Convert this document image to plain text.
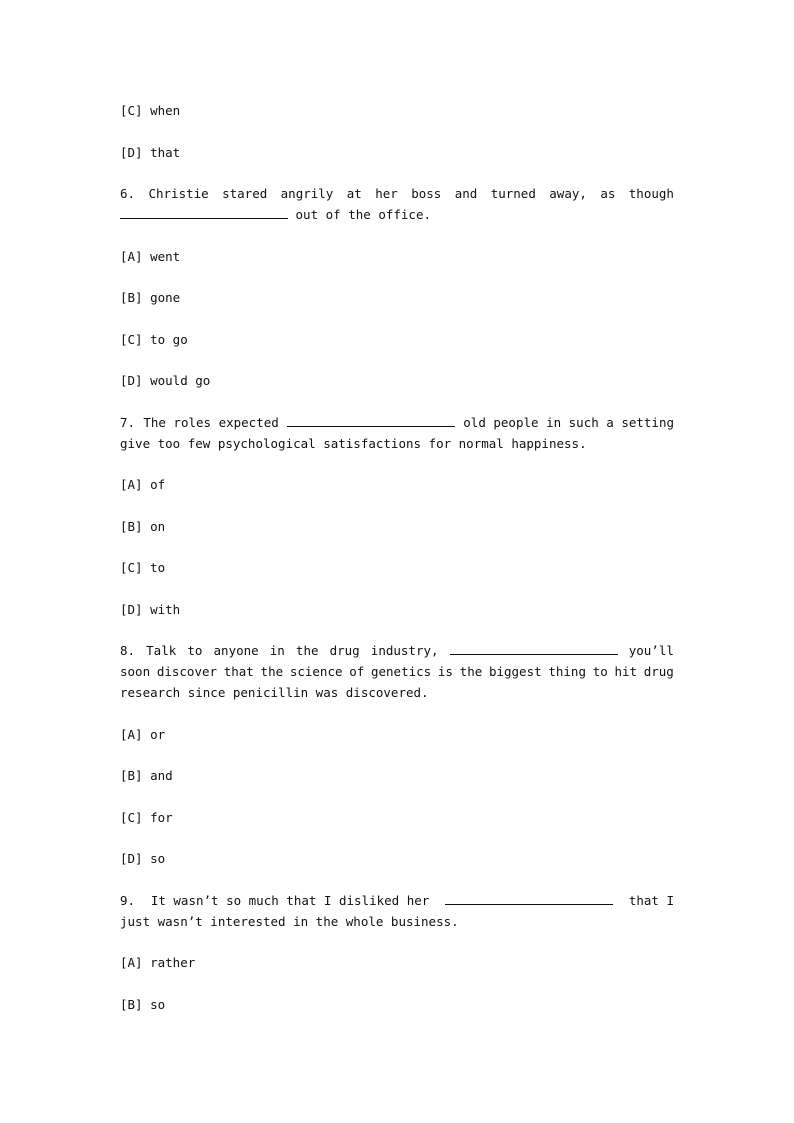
[C] when
[D] that
6. Christie stared angrily at her boss and turned away, as though
out of the office.
[A] went
[B] gone
[C] to go
[D] would go
7. The roles expected	old people in such a setting
give too few psychological satisfactions for normal happiness.
[A] of
[B] on
[C] to
[D] with
8. Talk to anyone in the drug industry,	you’ll
soon discover that the science of genetics is the biggest thing to hit drug
research since penicillin was discovered.
[A] or
[B] and
[C] for
[D] so
9. It wasn’t so much that I disliked her	that I
just wasn’t interested in the whole business.
[A] rather
[B] so
